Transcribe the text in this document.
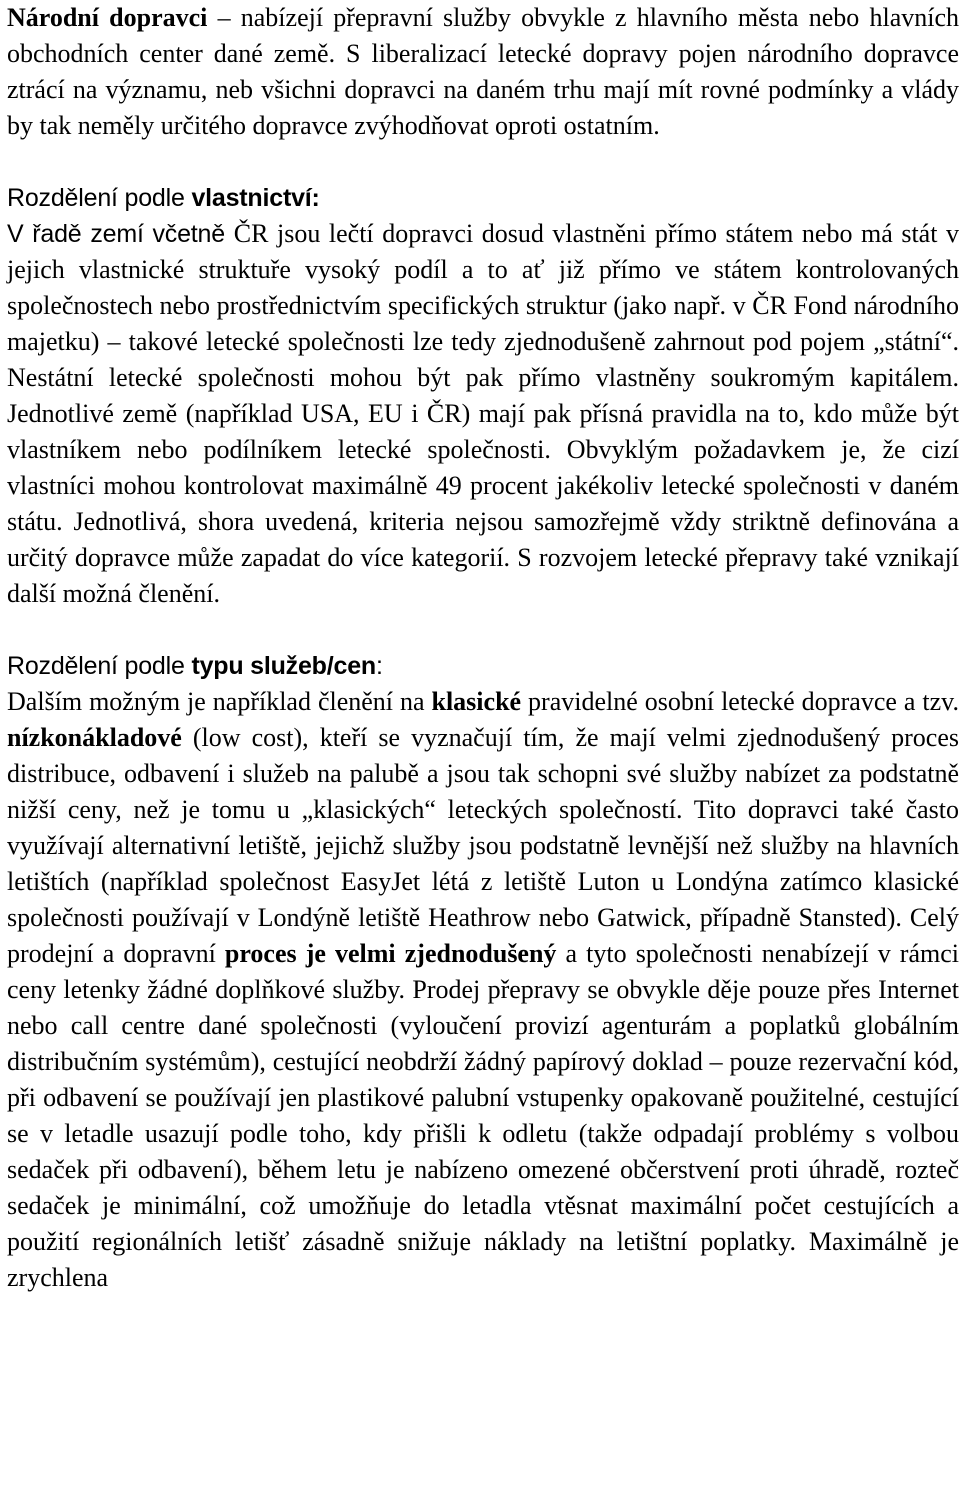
Národní dopravci – nabízejí přepravní služby obvykle z hlavního města nebo hlavních obchodních center dané země. S liberalizací letecké dopravy pojen národního dopravce ztrácí na významu, neb všichni dopravci na daném trhu mají mít rovné podmínky a vlády by tak neměly určitého dopravce zvýhodňovat oproti ostatním.

Rozdělení podle vlastnictví:

V řadě zemí včetně ČR jsou lečtí dopravci dosud vlastněni přímo státem nebo má stát v jejich vlastnické struktuře vysoký podíl a to ať již přímo ve státem kontrolovaných společnostech nebo prostřednictvím specifických struktur (jako např. v ČR Fond národního majetku) – takové letecké společnosti lze tedy zjednodušeně zahrnout pod pojem „státní“. Nestátní letecké společnosti mohou být pak přímo vlastněny soukromým kapitálem. Jednotlivé země (například USA, EU i ČR) mají pak přísná pravidla na to, kdo může být vlastníkem nebo podílníkem letecké společnosti. Obvyklým požadavkem je, že cizí vlastníci mohou kontrolovat maximálně 49 procent jakékoliv letecké společnosti v daném státu. Jednotlivá, shora uvedená, kriteria nejsou samozřejmě vždy striktně definována a určitý dopravce může zapadat do více kategorií. S rozvojem letecké přepravy také vznikají další možná členění.

Rozdělení podle typu služeb/cen:

Dalším možným je například členění na klasické pravidelné osobní letecké dopravce a tzv. nízkonákladové (low cost), kteří se vyznačují tím, že mají velmi zjednodušený proces distribuce, odbavení i služeb na palubě a jsou tak schopni své služby nabízet za podstatně nižší ceny, než je tomu u „klasických“ leteckých společností. Tito dopravci také často využívají alternativní letiště, jejichž služby jsou podstatně levnější než služby na hlavních letištích (například společnost EasyJet létá z letiště Luton u Londýna zatímco klasické společnosti používají v Londýně letiště Heathrow nebo Gatwick, případně Stansted). Celý prodejní a dopravní proces je velmi zjednodušený a tyto společnosti nenabízejí v rámci ceny letenky žádné doplňkové služby. Prodej přepravy se obvykle děje pouze přes Internet nebo call centre dané společnosti (vyloučení provizí agenturám a poplatků globálním distribučním systémům), cestující neobdrží žádný papírový doklad – pouze rezervační kód, při odbavení se používají jen plastikové palubní vstupenky opakovaně použitelné, cestující se v letadle usazují podle toho, kdy přišli k odletu (takže odpadají problémy s volbou sedaček při odbavení), během letu je nabízeno omezené občerstvení proti úhradě, rozteč sedaček je minimální, což umožňuje do letadla vtěsnat maximální počet cestujících a použití regionálních letišť zásadně snižuje náklady na letištní poplatky. Maximálně je zrychlena
